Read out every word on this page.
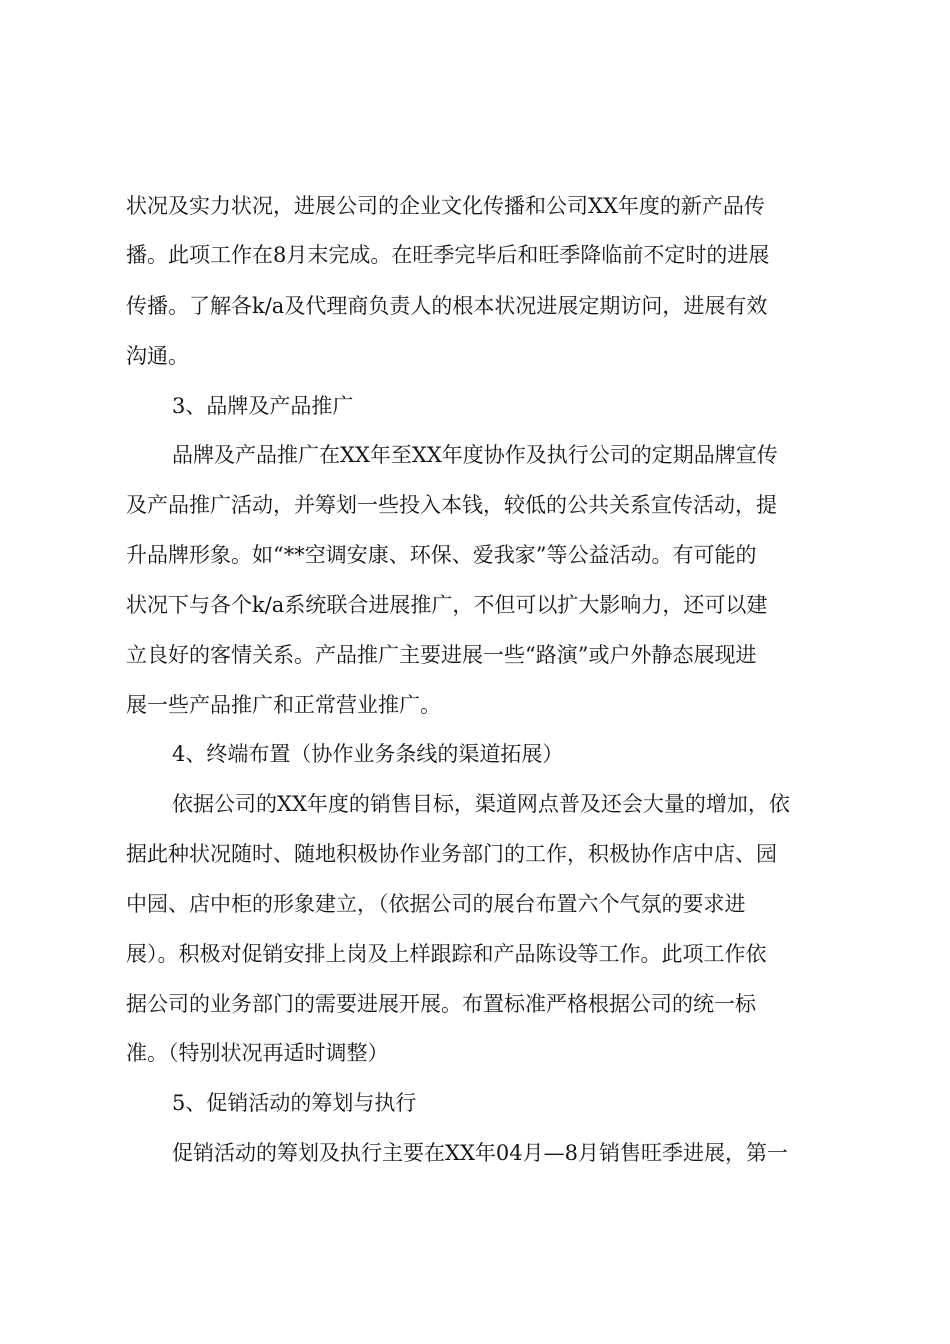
状况及实力状况，进展公司的企业文化传播和公司XX年度的新产品传
播。此项工作在8月末完成。在旺季完毕后和旺季降临前不定时的进展
传播。了解各k/a及代理商负责人的根本状况进展定期访问，进展有效
沟通。
3、品牌及产品推广
品牌及产品推广在XX年至XX年度协作及执行公司的定期品牌宣传
及产品推广活动，并筹划一些投入本钱，较低的公共关系宣传活动，提
升品牌形象。如“**空调安康、环保、爱我家”等公益活动。有可能的
状况下与各个k/a系统联合进展推广，不但可以扩大影响力，还可以建
立良好的客情关系。产品推广主要进展一些“路演”或户外静态展现进
展一些产品推广和正常营业推广。
4、终端布置（协作业务条线的渠道拓展）
依据公司的XX年度的销售目标，渠道网点普及还会大量的增加，依
据此种状况随时、随地积极协作业务部门的工作，积极协作店中店、园
中园、店中柜的形象建立，（依据公司的展台布置六个气氛的要求进
展）。积极对促销安排上岗及上样跟踪和产品陈设等工作。此项工作依
据公司的业务部门的需要进展开展。布置标准严格根据公司的统一标
准。（特别状况再适时调整）
5、促销活动的筹划与执行
促销活动的筹划及执行主要在XX年04月—8月销售旺季进展，第一
